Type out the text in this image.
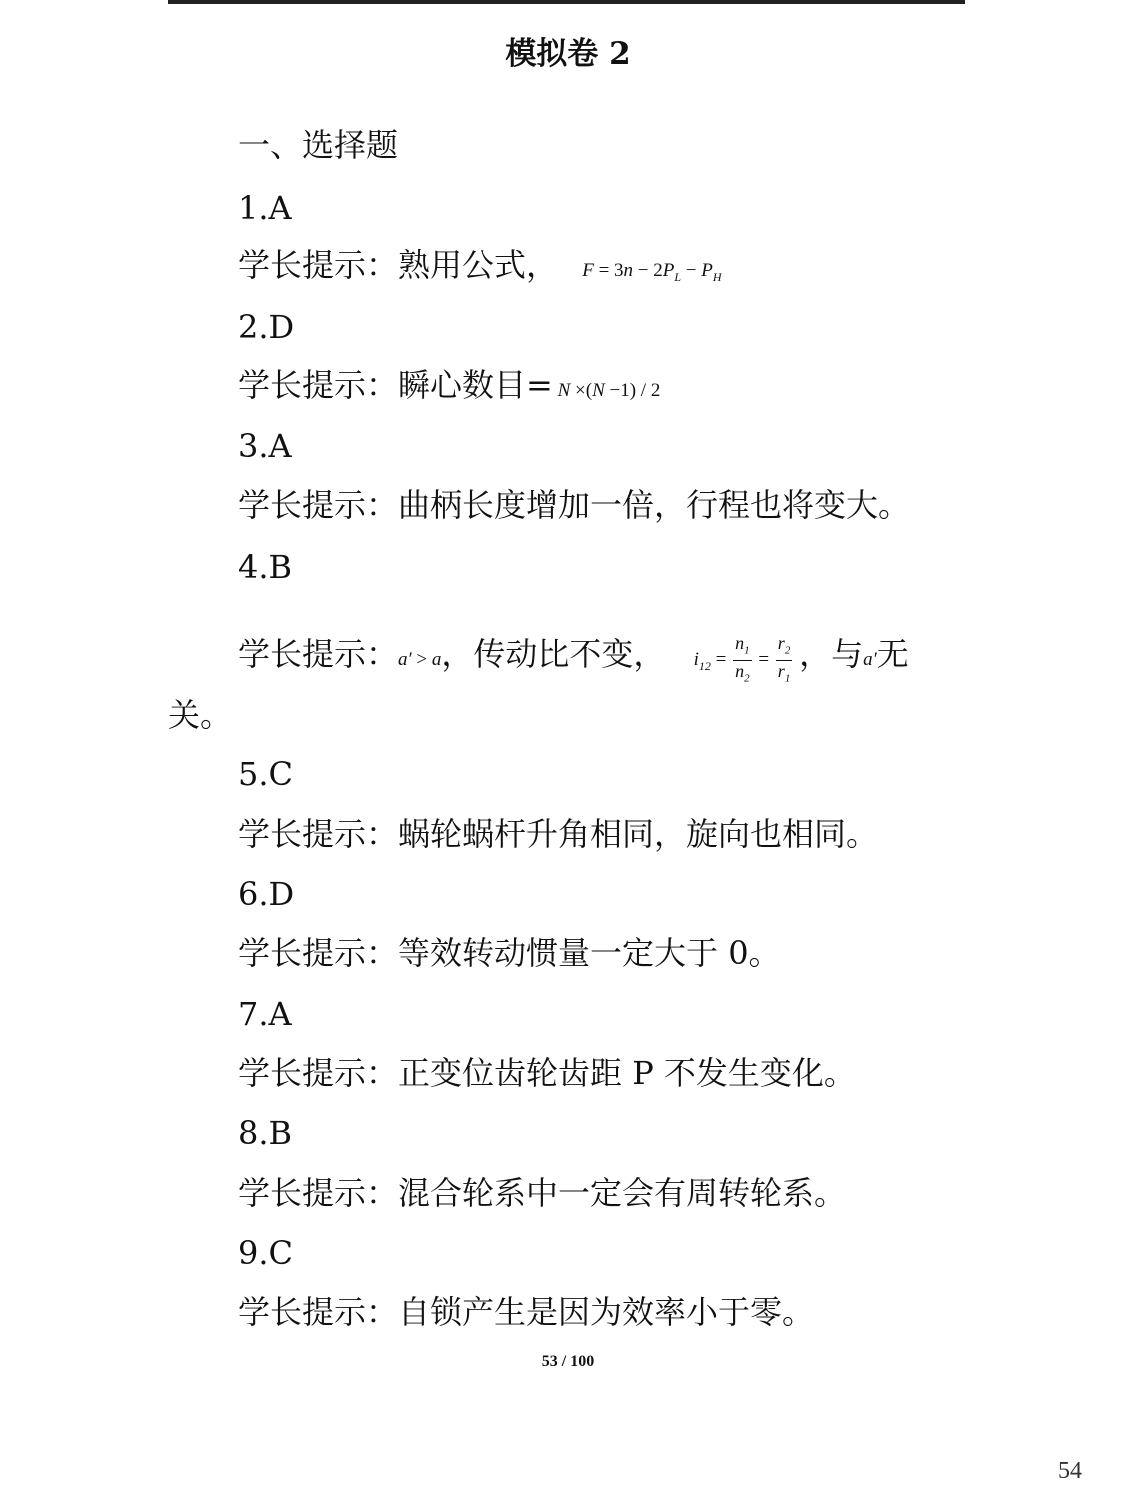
模拟卷 2
一、选择题
1.A
学长提示：熟用公式， $F = 3n - 2P_L - P_H$
2.D
学长提示：瞬心数目= N ×(N −1) / 2
3.A
学长提示：曲柄长度增加一倍，行程也将变大。
4.B
学长提示：a′ > a，传动比不变， $i_{12} = \frac{n_1}{n_2} = \frac{r_2}{r_1}$ ，与a′无
关。
5.C
学长提示：蜗轮蜗杆升角相同，旋向也相同。
6.D
学长提示：等效转动惯量一定大于 0。
7.A
学长提示：正变位齿轮齿距 P 不发生变化。
8.B
学长提示：混合轮系中一定会有周转轮系。
9.C
学长提示：自锁产生是因为效率小于零。
53 / 100
54
